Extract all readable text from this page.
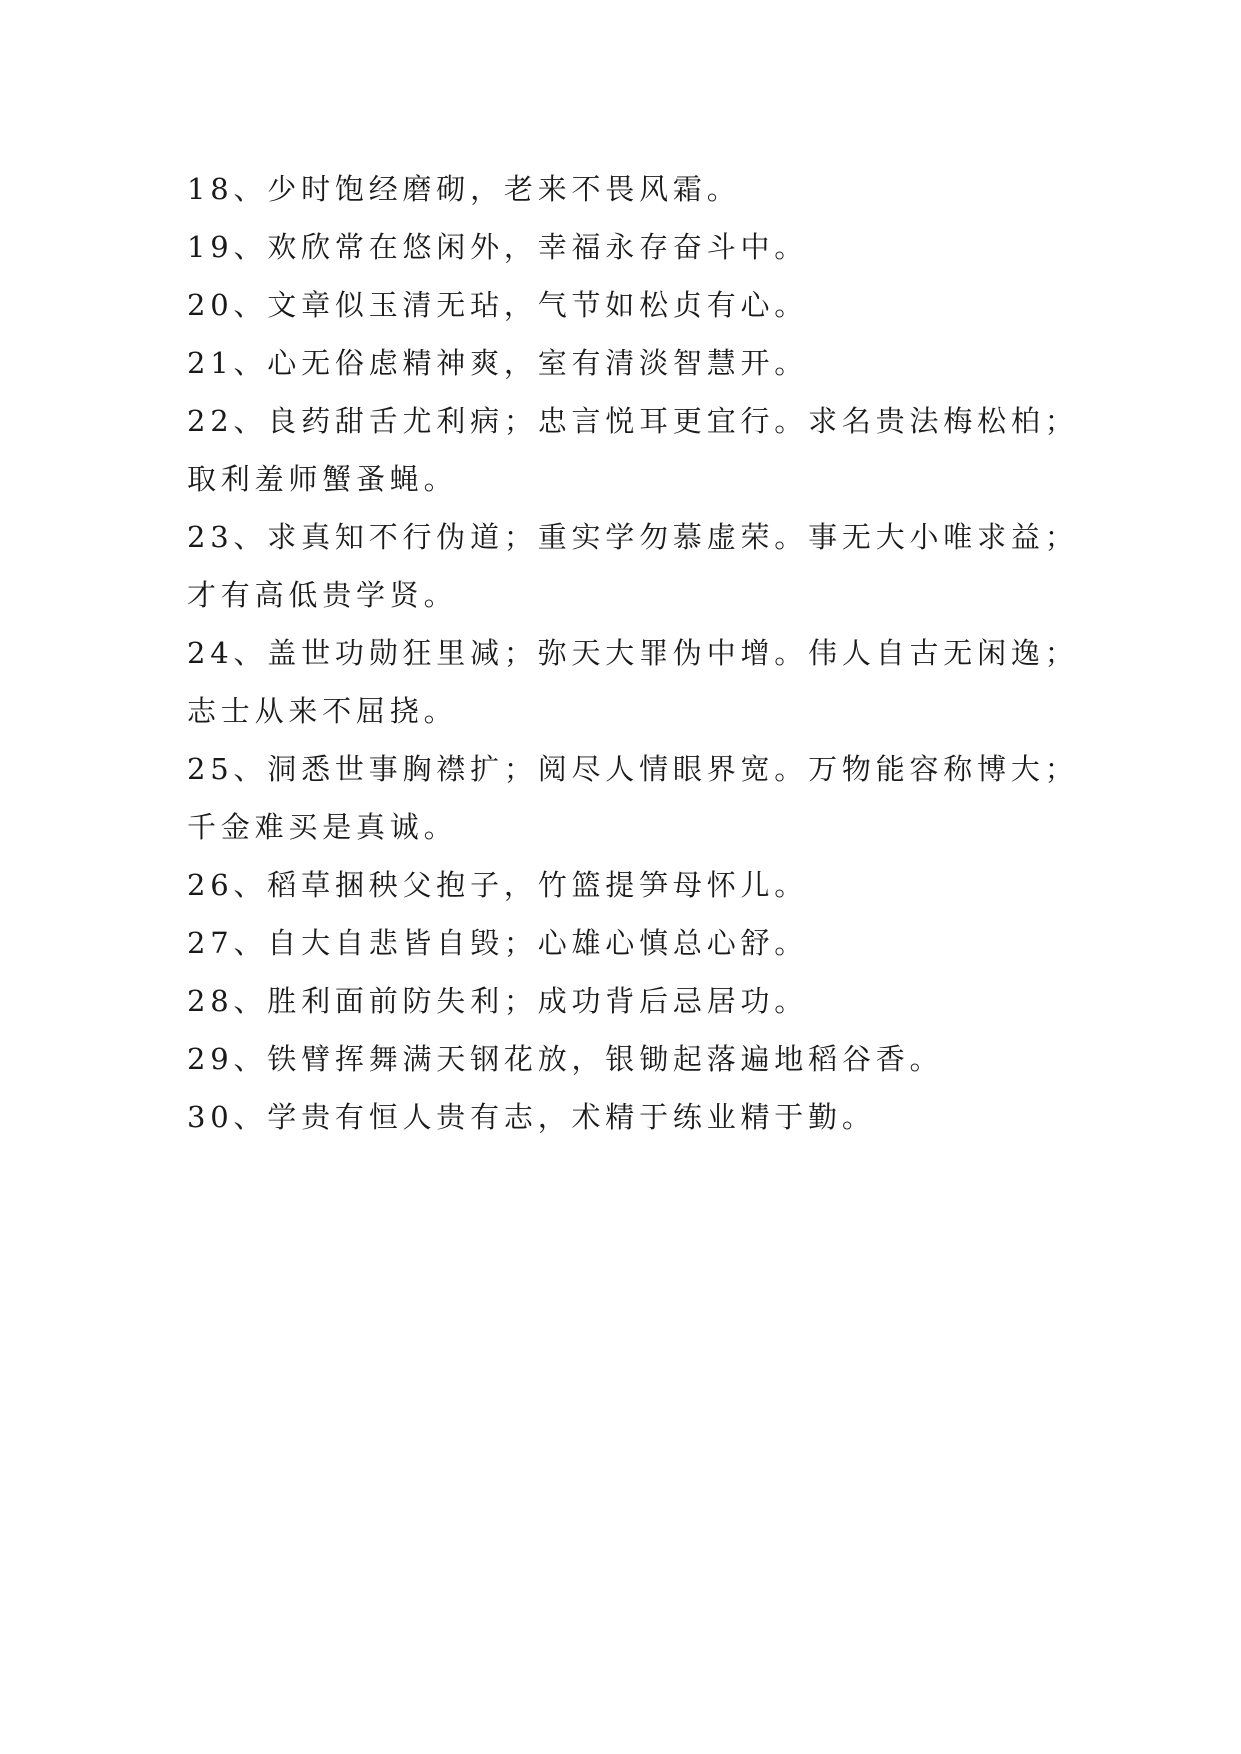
18、少时饱经磨砌，老来不畏风霜。
19、欢欣常在悠闲外，幸福永存奋斗中。
20、文章似玉清无玷，气节如松贞有心。
21、心无俗虑精神爽，室有清淡智慧开。
22、良药甜舌尤利病；忠言悦耳更宜行。求名贵法梅松柏；
取利羞师蟹蚤蝇。
23、求真知不行伪道；重实学勿慕虚荣。事无大小唯求益；
才有高低贵学贤。
24、盖世功勋狂里减；弥天大罪伪中增。伟人自古无闲逸；
志士从来不屈挠。
25、洞悉世事胸襟扩；阅尽人情眼界宽。万物能容称博大；
千金难买是真诚。
26、稻草捆秧父抱子，竹篮提笋母怀儿。
27、自大自悲皆自毁；心雄心慎总心舒。
28、胜利面前防失利；成功背后忌居功。
29、铁臂挥舞满天钢花放，银锄起落遍地稻谷香。
30、学贵有恒人贵有志，术精于练业精于勤。
